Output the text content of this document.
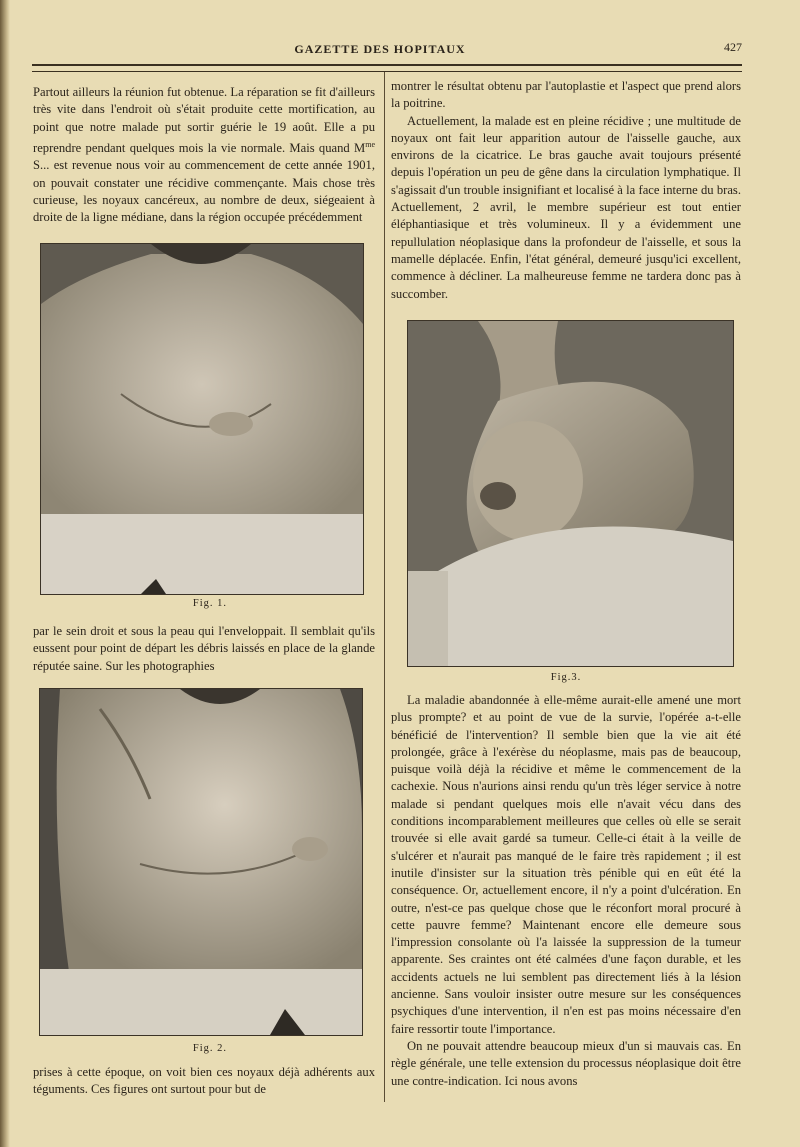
GAZETTE DES HOPITAUX	427

Partout ailleurs la réunion fut obtenue. La réparation se fit d'ailleurs très vite dans l'endroit où s'était produite cette mortification, au point que notre malade put sortir guérie le 19 août. Elle a pu reprendre pendant quelques mois la vie normale. Mais quand $M^{me}$ S... est revenue nous voir au commencement de cette année 1901, on pouvait constater une récidive commençante. Mais chose très curieuse, les noyaux cancéreux, au nombre de deux, siégeaient à droite de la ligne médiane, dans la région occupée précédemment

Fig. 1.

par le sein droit et sous la peau qui l'enveloppait. Il semblait qu'ils eussent pour point de départ les débris laissés en place de la glande réputée saine. Sur les photographies

Fig. 2.

prises à cette époque, on voit bien ces noyaux déjà adhérents aux téguments. Ces figures ont surtout pour but de

montrer le résultat obtenu par l'autoplastie et l'aspect que prend alors la poitrine.

Actuellement, la malade est en pleine récidive ; une multitude de noyaux ont fait leur apparition autour de l'aisselle gauche, aux environs de la cicatrice. Le bras gauche avait toujours présenté depuis l'opération un peu de gêne dans la circulation lymphatique. Il s'agissait d'un trouble insignifiant et localisé à la face interne du bras. Actuellement, 2 avril, le membre supérieur est tout entier éléphantiasique et très volumineux. Il y a évidemment une repullulation néoplasique dans la profondeur de l'aisselle, et sous la mamelle déplacée. Enfin, l'état général, demeuré jusqu'ici excellent, commence à décliner. La malheureuse femme ne tardera donc pas à succomber.

Fig.3.

La maladie abandonnée à elle-même aurait-elle amené une mort plus prompte? et au point de vue de la survie, l'opérée a-t-elle bénéficié de l'intervention? Il semble bien que la vie ait été prolongée, grâce à l'exérèse du néoplasme, mais pas de beaucoup, puisque voilà déjà la récidive et même le commencement de la cachexie. Nous n'aurions ainsi rendu qu'un très léger service à notre malade si pendant quelques mois elle n'avait vécu dans des conditions incomparablement meilleures que celles où elle se serait trouvée si elle avait gardé sa tumeur. Celle-ci était à la veille de s'ulcérer et n'aurait pas manqué de le faire très rapidement ; il est inutile d'insister sur la situation très pénible qui en eût été la conséquence. Or, actuellement encore, il n'y a point d'ulcération. En outre, n'est-ce pas quelque chose que le réconfort moral procuré à cette pauvre femme? Maintenant encore elle demeure sous l'impression consolante où l'a laissée la suppression de la tumeur apparente. Ses craintes ont été calmées d'une façon durable, et les accidents actuels ne lui semblent pas directement liés à la lésion ancienne. Sans vouloir insister outre mesure sur les conséquences psychiques d'une intervention, il n'en est pas moins nécessaire d'en faire ressortir toute l'importance.

On ne pouvait attendre beaucoup mieux d'un si mauvais cas. En règle générale, une telle extension du processus néoplasique doit être une contre-indication. Ici nous avons
